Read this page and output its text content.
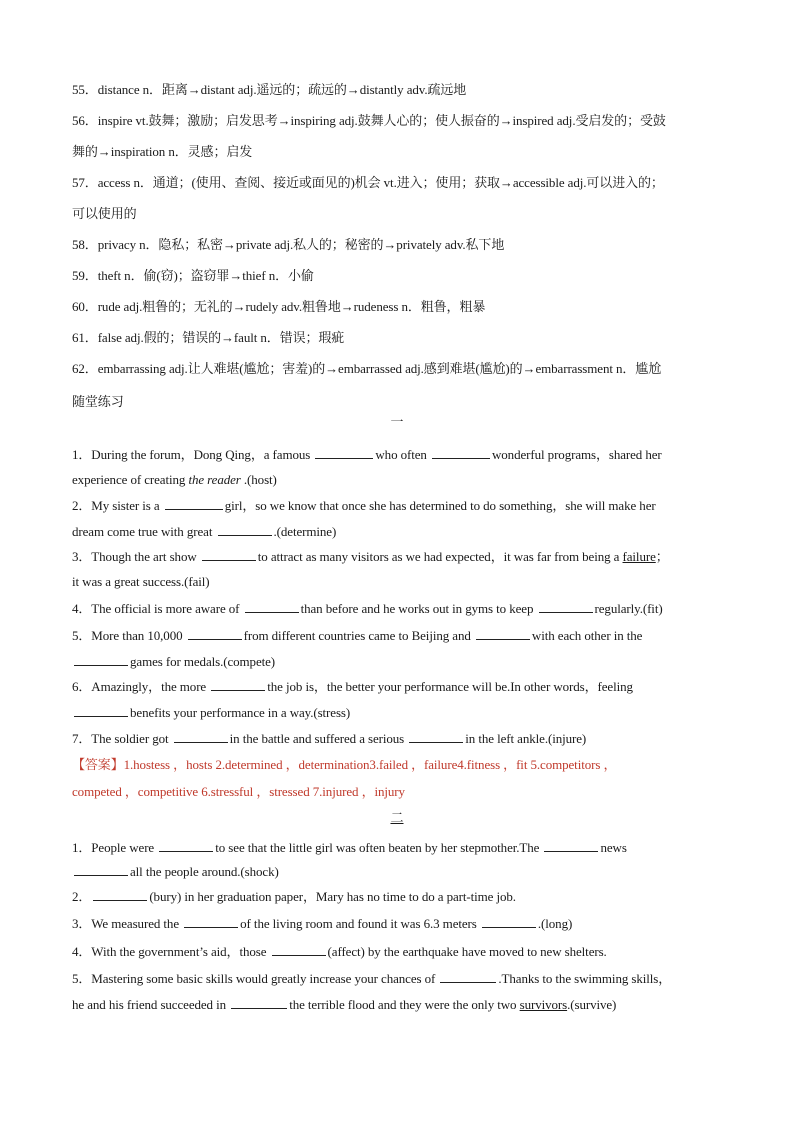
55．distance n．距离→distant adj.遥远的；疏远的→distantly adv.疏远地
56．inspire vt.鼓舞；激励；启发思考→inspiring adj.鼓舞人心的；使人振奋的→inspired adj.受启发的；受鼓
舞的→inspiration n．灵感；启发
57．access n．通道；(使用、查阅、接近或面见的)机会 vt.进入；使用；获取→accessible adj.可以进入的；
可以使用的
58．privacy n．隐私；私密→private adj.私人的；秘密的→privately adv.私下地
59．theft n．偷(窃)；盗窃罪→thief n．小偷
60．rude adj.粗鲁的；无礼的→rudely adv.粗鲁地→rudeness n．粗鲁，粗暴
61．false adj.假的；错误的→fault n．错误；瑕疵
62．embarrassing adj.让人难堪(尴尬；害羞)的→embarrassed adj.感到难堪(尴尬)的→embarrassment n．尴尬
随堂练习
一
1．During the forum，Dong Qing，a famous	who often	wonderful programs，shared her
experience of creating the reader .(host)
2．My sister is a	girl，so we know that once she has determined to do something，she will make her
dream come true with great	.(determine)
3．Though the art show	to attract as many visitors as we had expected，it was far from being a failure；
it was a great success.(fail)
4．The official is more aware of	than before and he works out in gyms to keep	regularly.(fit)
5．More than 10,000	from different countries came to Beijing and	with each other in the
games for medals.(compete)
6．Amazingly，the more	the job is，the better your performance will be.In other words，feeling
benefits your performance in a way.(stress)
7．The soldier got	in the battle and suffered a serious	in the left ankle.(injure)
【答案】1.hostess ，hosts 2.determined ，determination3.failed ，failure4.fitness ，fit 5.competitors ，
competed ，competitive 6.stressful ，stressed 7.injured ，injury
二
1．People were	to see that the little girl was often beaten by her stepmother.The	news
all the people around.(shock)
2．	(bury) in her graduation paper，Mary has no time to do a part-time job.
3．We measured the	of the living room and found it was 6.3 meters	.(long)
4．With the government’s aid，those	(affect) by the earthquake have moved to new shelters.
5．Mastering some basic skills would greatly increase your chances of	.Thanks to the swimming skills，
he and his friend succeeded in	the terrible flood and they were the only two survivors.(survive)
